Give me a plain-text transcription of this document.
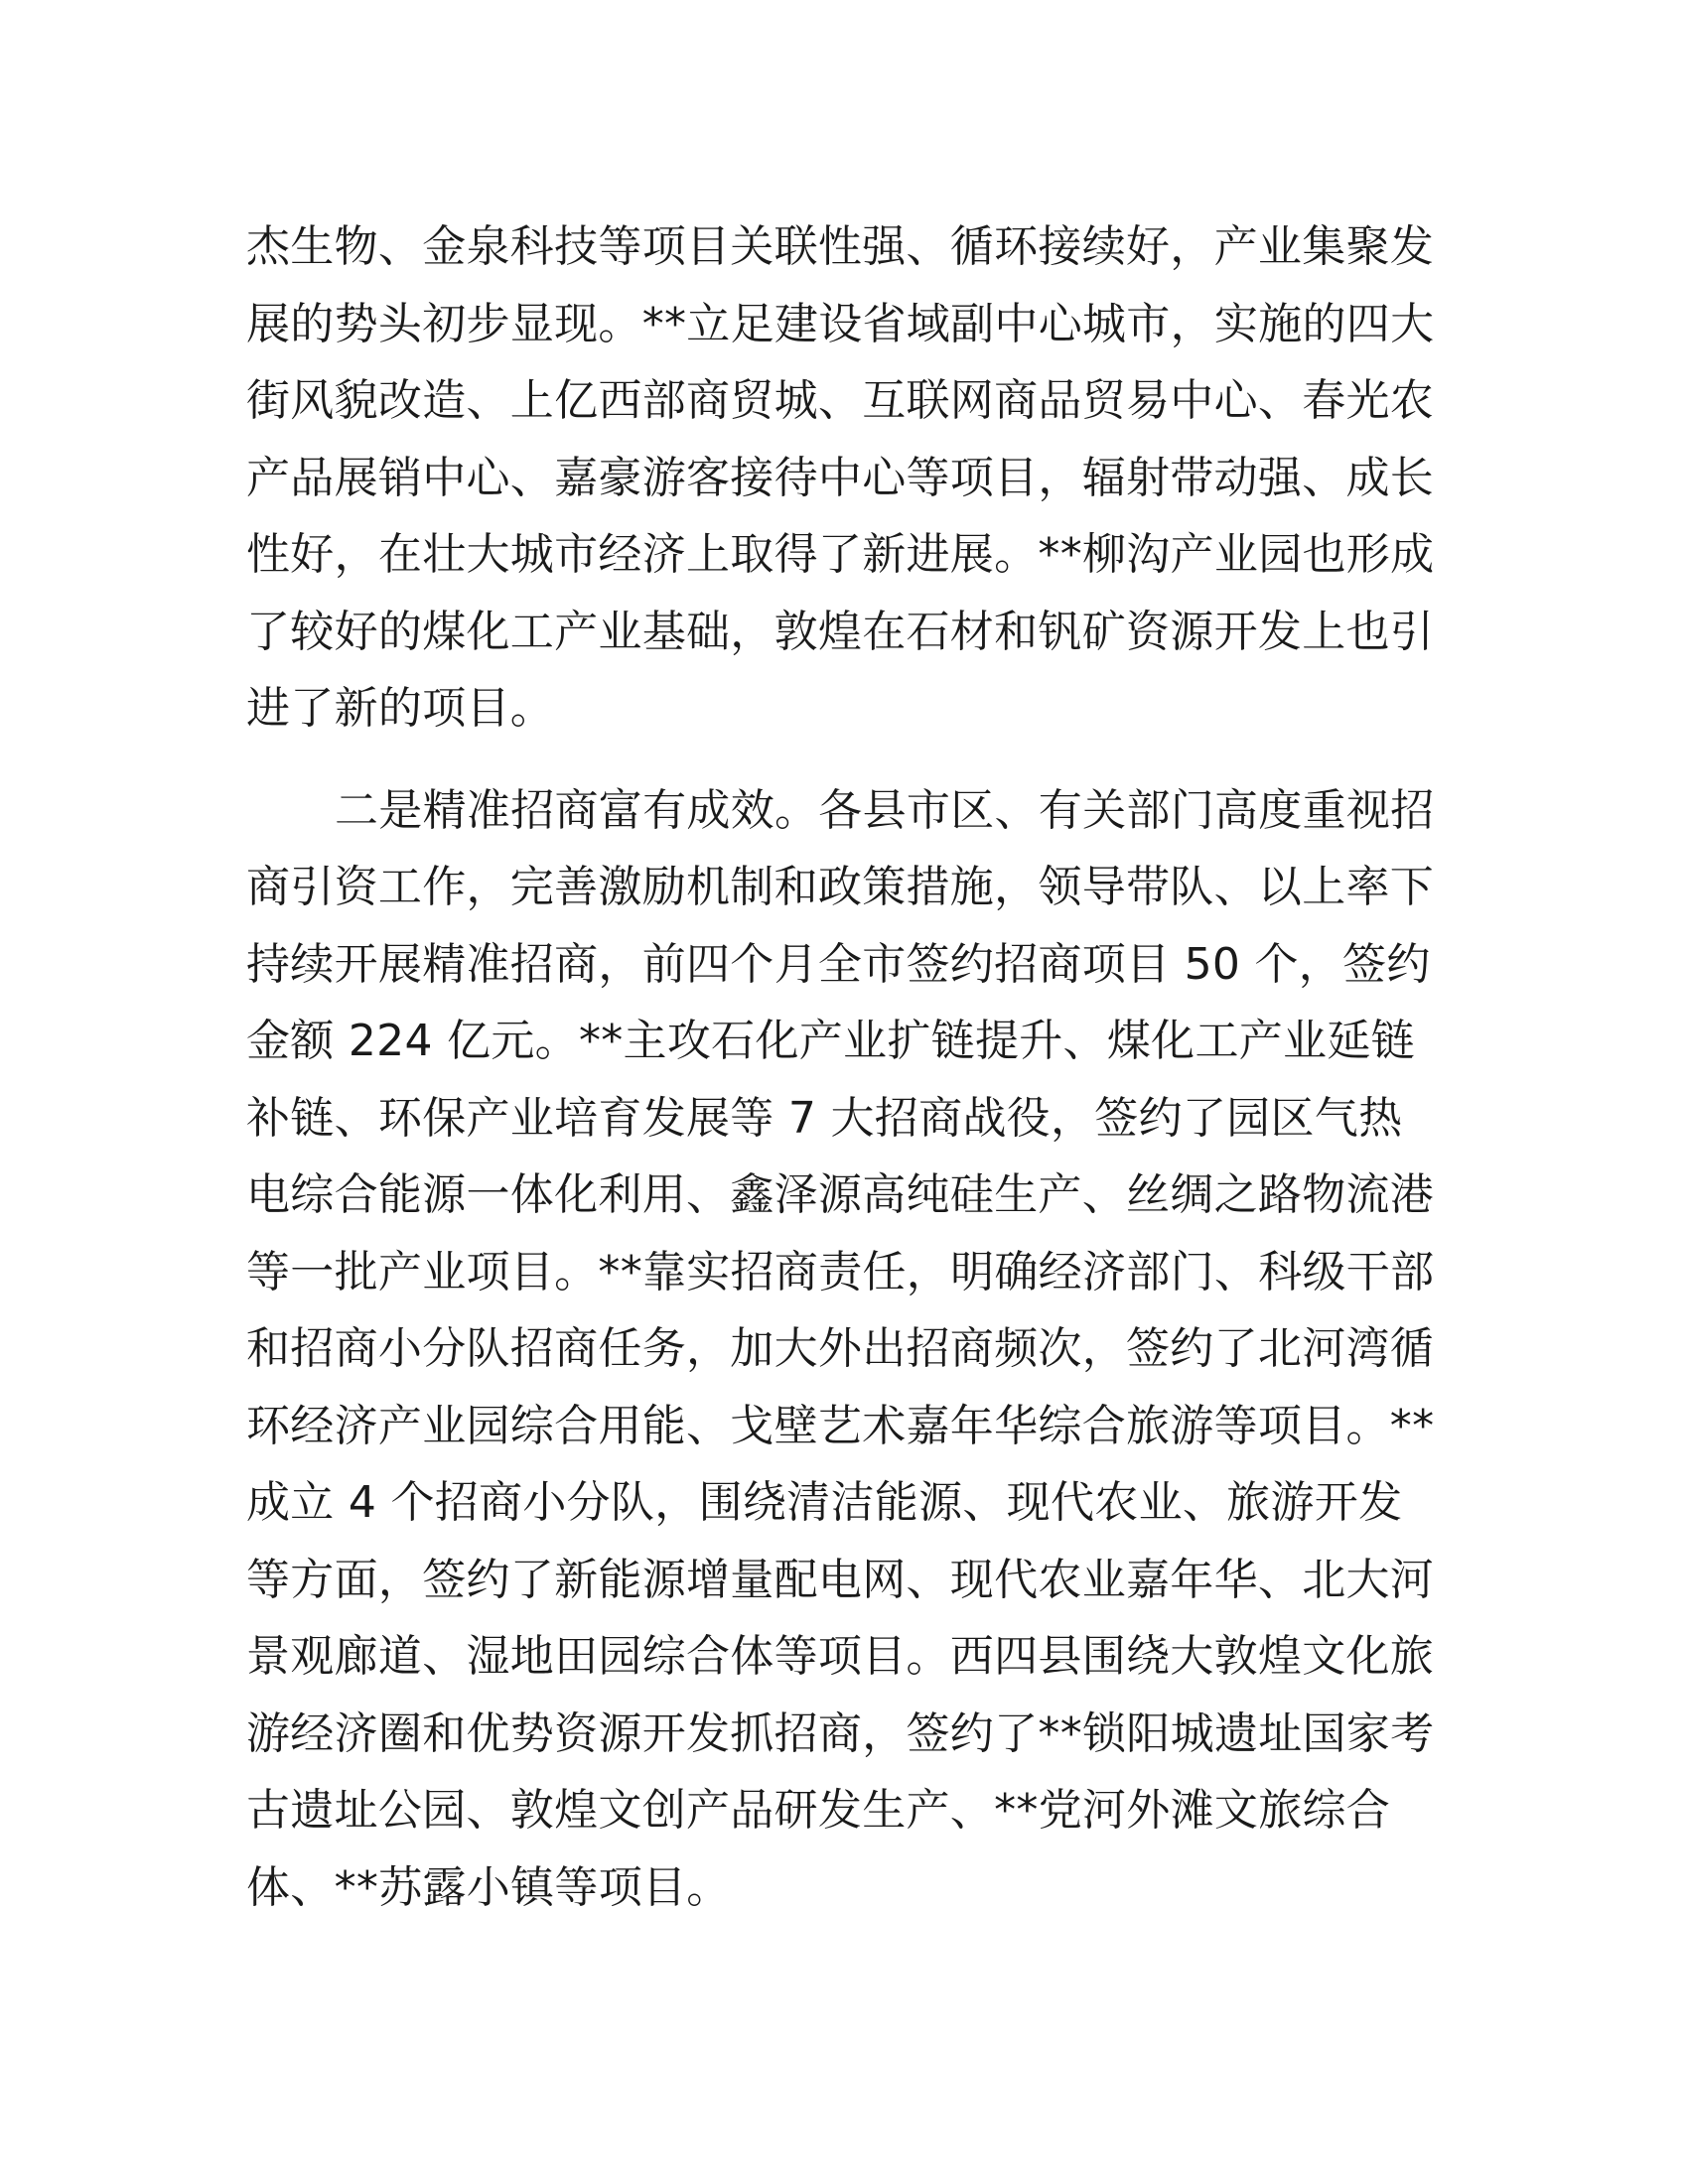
杰生物、金泉科技等项目关联性强、循环接续好，产业集聚发
展的势头初步显现。**立足建设省域副中心城市，实施的四大
街风貌改造、上亿西部商贸城、互联网商品贸易中心、春光农
产品展销中心、嘉豪游客接待中心等项目，辐射带动强、成长
性好，在壮大城市经济上取得了新进展。**柳沟产业园也形成
了较好的煤化工产业基础，敦煌在石材和钒矿资源开发上也引
进了新的项目。
二是精准招商富有成效。各县市区、有关部门高度重视招
商引资工作，完善激励机制和政策措施，领导带队、以上率下
持续开展精准招商，前四个月全市签约招商项目 50 个，签约
金额 224 亿元。**主攻石化产业扩链提升、煤化工产业延链
补链、环保产业培育发展等 7 大招商战役，签约了园区气热
电综合能源一体化利用、鑫泽源高纯硅生产、丝绸之路物流港
等一批产业项目。**靠实招商责任，明确经济部门、科级干部
和招商小分队招商任务，加大外出招商频次，签约了北河湾循
环经济产业园综合用能、戈壁艺术嘉年华综合旅游等项目。**
成立 4 个招商小分队，围绕清洁能源、现代农业、旅游开发
等方面，签约了新能源增量配电网、现代农业嘉年华、北大河
景观廊道、湿地田园综合体等项目。西四县围绕大敦煌文化旅
游经济圈和优势资源开发抓招商，签约了**锁阳城遗址国家考
古遗址公园、敦煌文创产品研发生产、**党河外滩文旅综合
体、**苏露小镇等项目。
